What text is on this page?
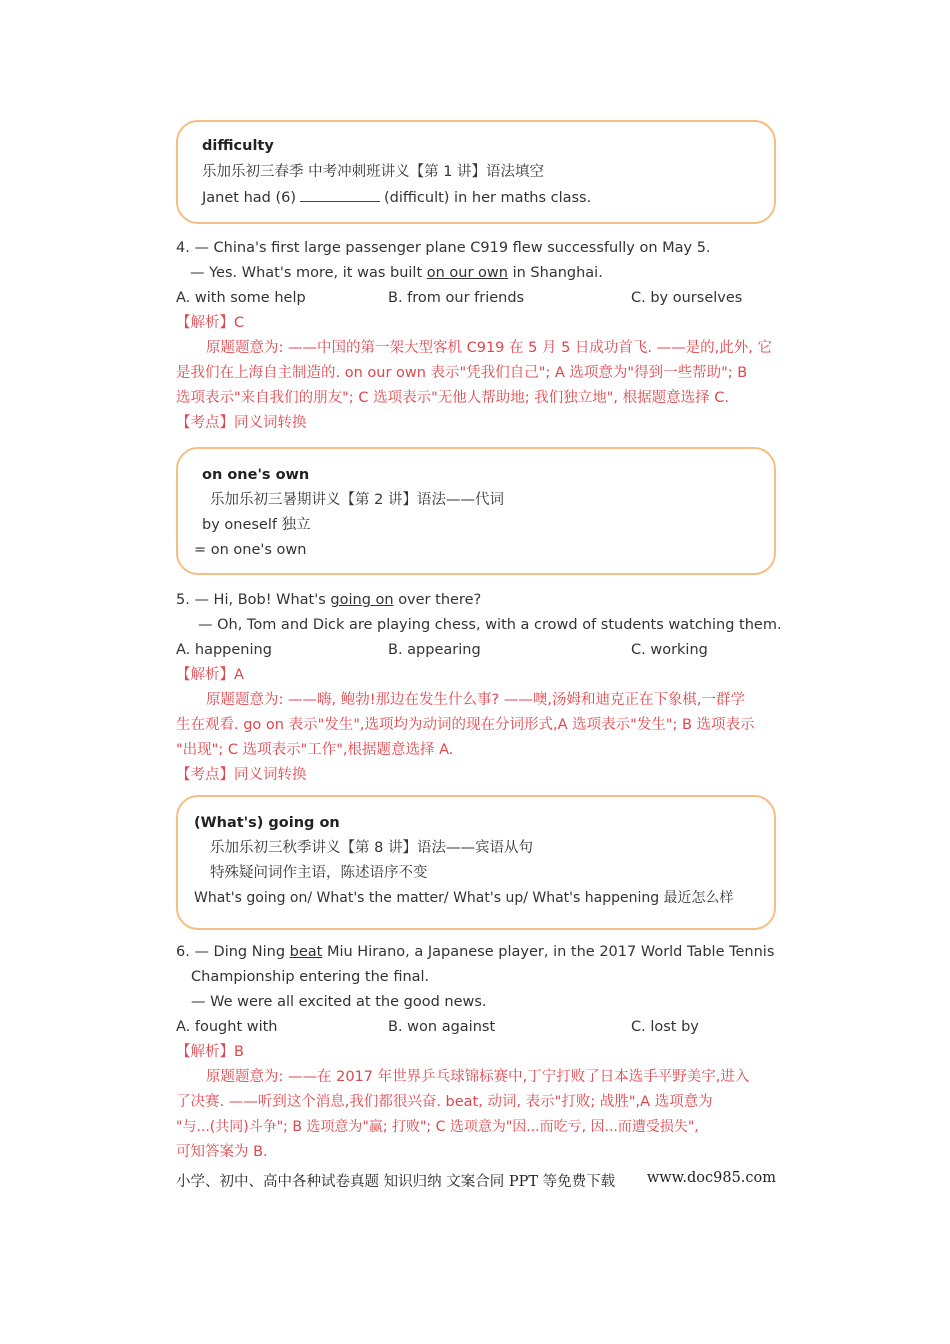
difficulty
乐加乐初三春季 中考冲刺班讲义【第 1 讲】语法填空
Janet had (6)	(difficult) in her maths class.
4. — China's first large passenger plane C919 flew successfully on May 5.
— Yes. What's more, it was built on our own in Shanghai.
A. with some help	B. from our friends	C. by ourselves
【解析】C
原题题意为: ——中国的第一架大型客机 C919 在 5 月 5 日成功首飞. ——是的,此外, 它
是我们在上海自主制造的. on our own 表示"凭我们自己"; A 选项意为"得到一些帮助"; B
选项表示"来自我们的朋友"; C 选项表示"无他人帮助地; 我们独立地", 根据题意选择 C.
【考点】同义词转换
on one's own
乐加乐初三暑期讲义【第 2 讲】语法——代词
by oneself 独立
= on one's own
5. — Hi, Bob! What's going on over there?
— Oh, Tom and Dick are playing chess, with a crowd of students watching them.
A. happening	B. appearing	C. working
【解析】A
原题题意为: ——嗨, 鲍勃!那边在发生什么事? ——噢,汤姆和迪克正在下象棋,一群学
生在观看. go on 表示"发生",选项均为动词的现在分词形式,A 选项表示"发生"; B 选项表示
"出现"; C 选项表示"工作",根据题意选择 A.
【考点】同义词转换
(What's) going on
乐加乐初三秋季讲义【第 8 讲】语法——宾语从句
特殊疑问词作主语，陈述语序不变
What's going on/ What's the matter/ What's up/ What's happening 最近怎么样
6. — Ding Ning beat Miu Hirano, a Japanese player, in the 2017 World Table Tennis
Championship entering the final.
— We were all excited at the good news.
A. fought with	B. won against	C. lost by
【解析】B
原题题意为: ——在 2017 年世界乒乓球锦标赛中,丁宁打败了日本选手平野美宇,进入
了决赛. ——听到这个消息,我们都很兴奋. beat, 动词, 表示"打败; 战胜",A 选项意为
"与...(共同)斗争"; B 选项意为"赢; 打败"; C 选项意为"因...而吃亏, 因...而遭受损失",
可知答案为 B.
小学、初中、高中各种试卷真题 知识归纳 文案合同 PPT 等免费下载 www.doc985.com
